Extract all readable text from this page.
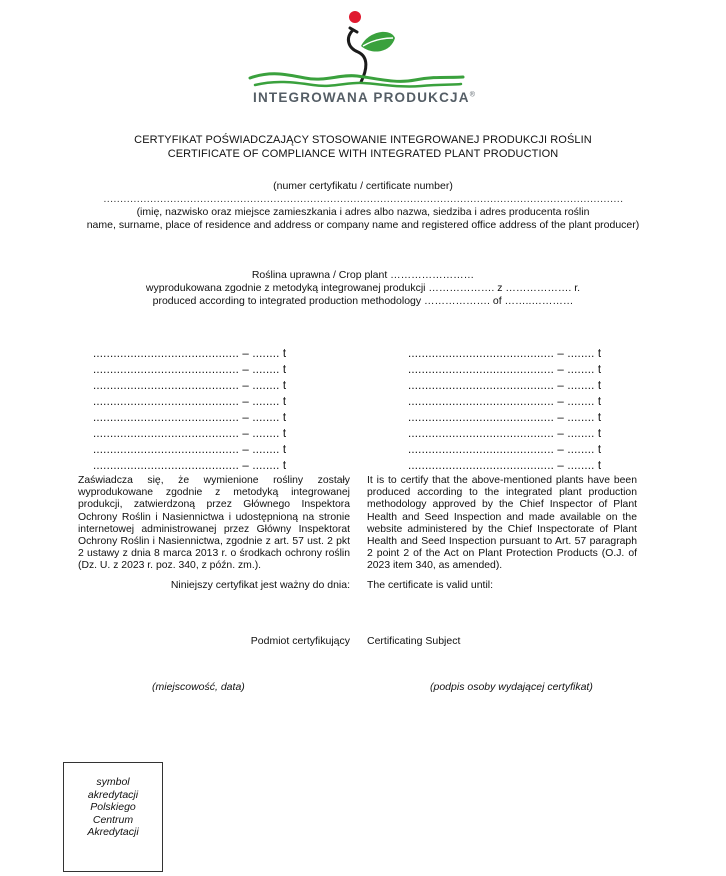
INTEGROWANA PRODUKCJA®
CERTYFIKAT POŚWIADCZAJĄCY STOSOWANIE INTEGROWANEJ PRODUKCJI ROŚLIN
CERTIFICATE OF COMPLIANCE WITH INTEGRATED PLANT PRODUCTION
(numer certyfikatu / certificate number)
…………………………………………………………………………………………………………………………………………
(imię, nazwisko oraz miejsce zamieszkania i adres albo nazwa, siedziba i adres producenta roślin
name, surname, place of residence and address or company name and registered office address of the plant producer)
Roślina uprawna / Crop plant ……………………
wyprodukowana zgodnie z metodyką integrowanej produkcji ………………. z ………………. r.
produced according to integrated production methodology ………………. of ……..…………
........................................... – ........ t
........................................... – ........ t
........................................... – ........ t
........................................... – ........ t
........................................... – ........ t
........................................... – ........ t
........................................... – ........ t
........................................... – ........ t
........................................... – ........ t
........................................... – ........ t
........................................... – ........ t
........................................... – ........ t
........................................... – ........ t
........................................... – ........ t
........................................... – ........ t
........................................... – ........ t
Zaświadcza się, że wymienione rośliny zostały wyprodukowane zgodnie z metodyką integrowanej produkcji, zatwierdzoną przez Głównego Inspektora Ochrony Roślin i Nasiennictwa i udostępnioną na stronie internetowej administrowanej przez Główny Inspektorat Ochrony Roślin i Nasiennictwa, zgodnie z art. 57 ust. 2 pkt 2 ustawy z dnia 8 marca 2013 r. o środkach ochrony roślin (Dz. U. z 2023 r. poz. 340, z późn. zm.).
It is to certify that the above-mentioned plants have been produced according to the integrated plant production methodology approved by the Chief Inspector of Plant Health and Seed Inspection and made available on the website administered by the Chief Inspectorate of Plant Health and Seed Inspection pursuant to Art. 57 paragraph 2 point 2 of the Act on Plant Protection Products (O.J. of 2023 item 340, as amended).
Niniejszy certyfikat jest ważny do dnia: The certificate is valid until:
Podmiot certyfikujący Certificating Subject
(miejscowość, data)	(podpis osoby wydającej certyfikat)
symbol
akredytacji
Polskiego
Centrum
Akredytacji
